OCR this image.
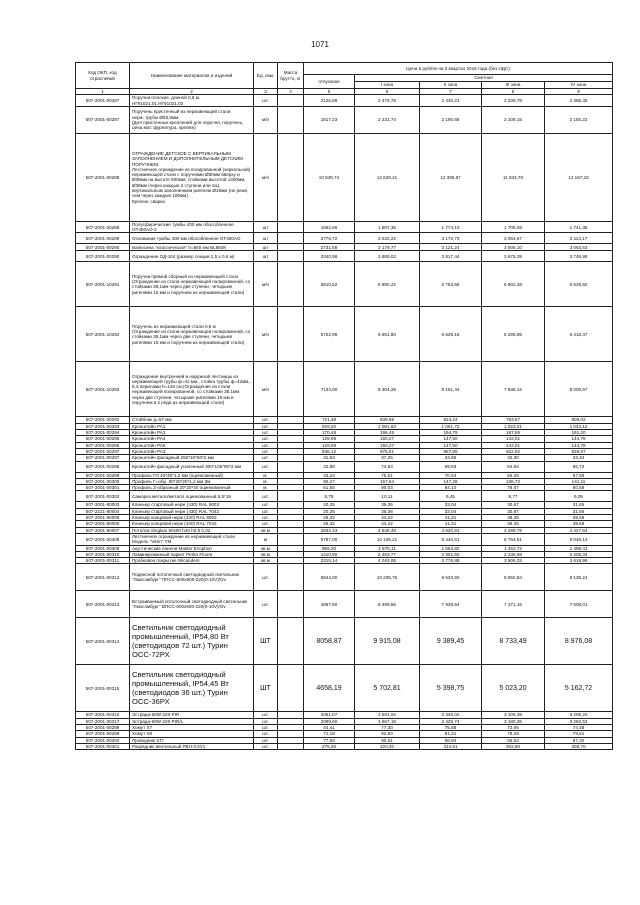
1071
Код ОКП, код отраслевой	Наименование материалов и изделий	Ед. изм.	Масса брутто, кг	Цена в рублях на II квартал 2016 года (без НДС)				
				отпускная	Сметная			
					I зона	II зона	III зона	IV зона
1	2	3	4	5	6	7	8	9
507-2001-00287	Поручни плоские, длиной 0,8 м.
НГ91021.01.НГ91021.03	шт.		2126,88	2 475,78	2 430,21	2 339,78	2 385,35
507-2001-00287	Поручень пристенный из нержавеющей стали
нерж. трубы Ø50,8мм
(Для пристенных креплений для поручня, поручень, цена мат. фурнитура, крепёж)	м/п		1817,23	2 231,74	2 190,68	2 108,15	2 150,22
507-2001-00288	ОГРАЖДЕНИЕ ДЕТСКОЕ С ВЕРТИКАЛЬНЫМ ЗАПОЛНЕНИЕМ И ДОПОЛНИТЕЛЬНЫМ ДЕТСКИМ ПОРУЧНЕМ.
Лестничное ограждение из полированной (зеркальной) нержавеющей стали с поручнями Ø50мм вверху и Ø38мм на высоте 500мм, стойками высотой 1300мм, Ø38мм (через каждые 2 ступени или 1м), вертикальным заполнением ригелем Ø16мм (не реже, чем через каждые 100мм).
Крепеж: сварка	м/п		10 849,74	12 628,41	12 395,87	11 934,70	12 167,15
507-2001-00288	Полусферические тумбы 400 мм обособленное ОТ400АО-2	шт		1552,66	1 807,36	1 774,10	1 708,08	1 741,35
507-2001-00289	Основание тумбы 400 мм обособленное ОТ400АО	шт		2776,72	3 232,22	3 172,73	3 054,67	3 114,17
507-2001-00290	Валюсина "классическая" h=860 мм BL860K	шт		2731,68	3 179,77	3 121,24	3 005,10	3 063,63
507-2001-00290	Ограждение ОД-104 (размер секции 1,5 х 0,6 м)	шт		3340,96	3 889,03	3 817,44	3 675,39	3 746,98
507-2001-10291	Поручни прямой сборный из нержавеющей стали
(Ограждение из стали нержавеющей полированной, со стойками 38,1мм через две ступени, четырьмя ригелями 16 мм и поручнем из нержавеющей стали)	м/п		5910,62	6 880,22	6 753,58	6 502,28	6 628,92
507-2001-10292	Поручень из нержавеющей стали 0,5 м
(Ограждение из стали нержавеющей полированной, со стойками 38,1мм через две ступени, четырьмя ригелями 16 мм и поручнем из нержавеющей стали)	м/п		5722,98	6 661,80	6 539,18	6 295,85	6 418,47
507-2001-10293	Ограждение внутренней и наружной лестницы из нержавеющей трубы ф=42 мм., стойка трубы ф=42мм., 6,3 перилами h=120 см.(Ограждение из стали нержавеющей полированной, со стойками 38,1мм через две ступени, четырьмя ригелями 16 мм и поручнем в 2 ряда из нержавеющей стали)	м/п		7134,00	8 304,29	8 151,44	7 848,12	8 000,97
507-2001-00292	Стойбник д=57 мм	шт.		721,38	839,69	824,24	793,57	809,02
507-2001-00293	Кронштейн РА1	шт.		929,20	1 081,63	1 061,72	1 022,21	1 042,12
507-2001-00294	Кронштейн РА2	шт.		170,48	198,45	194,79	187,55	191,20
507-2001-00295	Кронштейн РА4	шт.		129,09	150,27	147,50	142,01	144,78
507-2001-00296	Кронштейн РА5	шт.		129,09	150,27	147,50	142,01	144,78
507-2001-00297	Кронштейн РА3	шт.		838,12	975,61	957,65	922,02	939,97
507-2001-00297	Кронштейн фасадный 250*10*50*2 мм	шт.		31,53	37,25	34,86	32,30	33,34
507-2001-00298	Кронштейн фасадный усиленный 300*105*80*2 мм	шт.		42,88	74,53	69,93	64,64	66,72
507-2001-00299	Профиль ГО 40*40*1,2 мм (оцинкованный)	м.		43,24	75,51	70,54	65,49	67,59
507-2001-00300	Профиль Г=обр. 80*20*20*1,2 мм Зм	м.		90,27	157,64	147,26	136,72	141,11
507-2001-00301	Профиль Z-образный 20*20*40 оцинкованный	м.		51,55	90,03	84,10	78,07	80,58
507-2001-00302	Саморез металл/металл оцинкованный 5,5*19	шт.		5,79	10,11	9,45	8,77	9,05
507-2001-80003	Клиньер стартовый нерж (430) RAL 9003	шт.		20,25	35,36	33,04	30,67	31,65
507-2221-80004	Клиньер стартовый нерж (430) RAL 7042	шт.		20,25	35,36	33,04	30,67	31,65
507-2001-80005	Клиньер концевой нерж (430) RAL 9003	шт.		25,32	44,22	41,31	38,35	39,58
507-2001-80006	Клиньер концевой нерж (430) RAL 7042	шт.		25,32	44,22	41,31	38,35	39,58
507-2001-80007	Потолок Singlaio 50х50 h40 h0,5 0,32	кв.м		2832,43	4 848,49	4 620,81	4 289,79	4 427,64
507-2001-00308	Лестничное ограждение из нержавеющей стали Модель "Vitrin" ТМ	м		5787,00	10 106,21	9 440,61	8 764,51	9 046,14
507-2001-00309	Акустические панели Master Ecophon	кв.м		959,20	1 675,11	1 564,82	1 452,72	1 499,41
507-2001-00310	Ламинированный паркет Perito Floors	кв.м		1410,80	2 463,77	2 301,50	2 136,68	2 205,34
507-2001-00311	Пробковое покрытие Wicanders	кв.м		2315,14	4 043,06	3 776,88	3 506,32	3 618,99
507-2001-00312	Подвесной потолочный светодиодный светильник "Люксэмбург" ППСС-600х600-220(0-10V)/Ov	шт.		5844,00	10 205,75	9 533,60	8 850,84	9 135,24
507-2001-00313	Встраиваемый потолочный светодиодный светильник "Люксэмбург" ВПСС-600х600-220(0-10V)/Ov	шт.		4867,60	8 499,56	7 939,94	7 371,15	7 608,01
507-2001-00314	Светильник светодиодный промышленный, IP54,80 Вт (светодиодов 72 шт.) Турин ОСС-72РХ	ШТ		8058,87	9 915,08	9 389,45	8 733,49	8 976,08
507-2001-00315	Светильник светодиодный промышленный, IP54,45 Вт (светодиодов 36 шт.) Турин ОСС-36РХ	ШТ		4658,19	5 702,81	5 398,75	5 023,20	5 162,72
507-2001-00316	Эстрада-60W-220-PIR	шт.		2051,07	3 581,92	3 346,02	3 106,38	3 206,20
507-2001-00317	Эстрада-60W-220-PIR/L	шт.		2099,60	3 667,18	3 425,74	3 180,35	3 282,53
507-2001-00298	Хомут Х7	шт.		44,41	77,30	75,68	73,06	74,48
507-2001-00299	Хомут Х8	шт.		71,18	82,83	81,31	78,28	79,81
507-2001-00300	Проводник STI	шт.		77,84	90,61	88,94	85,63	87,30
507-2001-00301	Разрядник вентильный РВН-0,5У1	шт.		275,26	320,40	314,51	302,80	308,70
